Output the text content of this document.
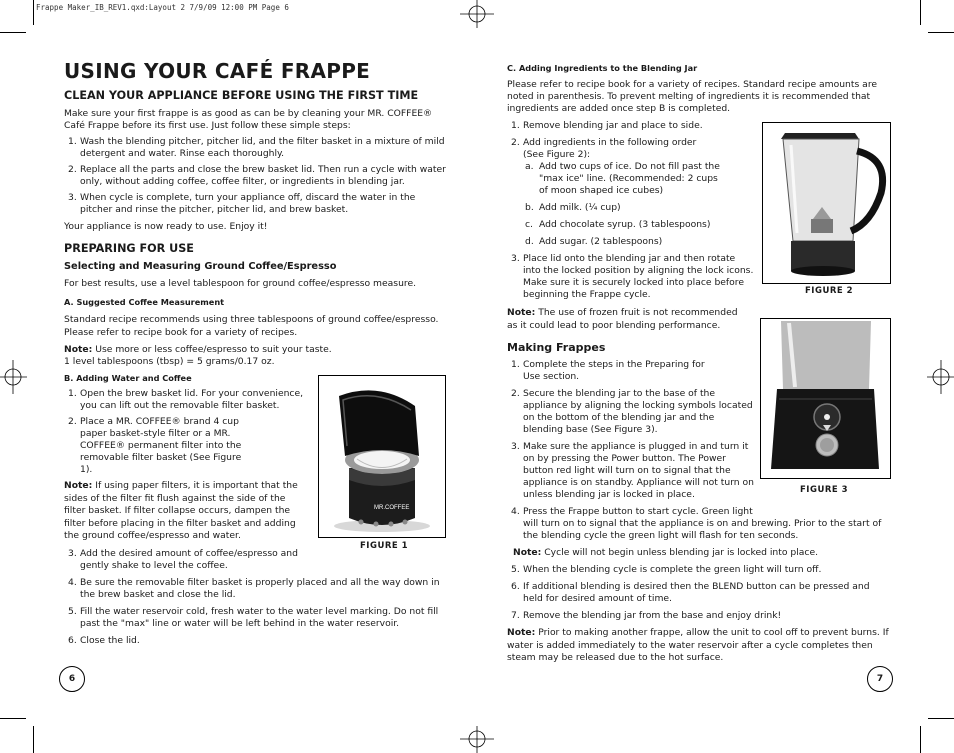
Frappe Maker_IB_REV1.qxd:Layout 2 7/9/09 12:00 PM Page 6
USING YOUR CAFÉ FRAPPE
CLEAN YOUR APPLIANCE BEFORE USING THE FIRST TIME

Make sure your first frappe is as good as can be by cleaning your MR. COFFEE® Café Frappe before its first use. Just follow these simple steps:

1. Wash the blending pitcher, pitcher lid, and the filter basket in a mixture of mild detergent and water. Rinse each thoroughly.
2. Replace all the parts and close the brew basket lid. Then run a cycle with water only, without adding coffee, coffee filter, or ingredients in blending jar.
3. When cycle is complete, turn your appliance off, discard the water in the pitcher and rinse the pitcher, pitcher lid, and brew basket.

Your appliance is now ready to use. Enjoy it!

PREPARING FOR USE
Selecting and Measuring Ground Coffee/Espresso

For best results, use a level tablespoon for ground coffee/espresso measure.

A. Suggested Coffee Measurement

Standard recipe recommends using three tablespoons of ground coffee/espresso. Please refer to recipe book for a variety of recipes.

Note: Use more or less coffee/espresso to suit your taste.

1 level tablespoons (tbsp) = 5 grams/0.17 oz.

B. Adding Water and Coffee

1. Open the brew basket lid. For your convenience, you can lift out the removable filter basket.
2. Place a MR. COFFEE® brand 4 cup paper basket-style filter or a MR. COFFEE® permanent filter into the removable filter basket (See Figure 1).

Note: If using paper filters, it is important that the sides of the filter fit flush against the side of the filter basket. If filter collapse occurs, dampen the filter before placing in the filter basket and adding the ground coffee/espresso and water.

3. Add the desired amount of coffee/espresso and gently shake to level the coffee.
4. Be sure the removable filter basket is properly placed and all the way down in the brew basket and close the lid.
5. Fill the water reservoir cold, fresh water to the water level marking. Do not fill past the "max" line or water will be left behind in the water reservoir.
6. Close the lid.
MR.COFFEE
FIGURE 1
6

C. Adding Ingredients to the Blending Jar

Please refer to recipe book for a variety of recipes. Standard recipe amounts are noted in parenthesis. To prevent melting of ingredients it is recommended that ingredients are added once step B is completed.

1. Remove blending jar and place to side.
2. Add ingredients in the following order
(See Figure 2):
a. Add two cups of ice. Do not fill past the "max ice" line. (Recommended: 2 cups of moon shaped ice cubes)
b. Add milk. (¼ cup)
c. Add chocolate syrup. (3 tablespoons)
d. Add sugar. (2 tablespoons)
3. Place lid onto the blending jar and then rotate into the locked position by aligning the lock icons. Make sure it is securely locked into place before beginning the Frappe cycle.

Note: The use of frozen fruit is not recommended as it could lead to poor blending performance.

Making Frappes
1. Complete the steps in the Preparing for Use section.
2. Secure the blending jar to the base of the appliance by aligning the locking symbols located on the bottom of the blending jar and the blending base (See Figure 3).
3. Make sure the appliance is plugged in and turn it on by pressing the Power button. The Power button red light will turn on to signal that the appliance is on standby. Appliance will not turn on unless blending jar is locked in place.
4. Press the Frappe button to start cycle. Green light
will turn on to signal that the appliance is on and brewing. Prior to the start of the blending cycle the green light will flash for ten seconds.

Note: Cycle will not begin unless blending jar is locked into place.

5. When the blending cycle is complete the green light will turn off.
6. If additional blending is desired then the BLEND button can be pressed and held for desired amount of time.
7. Remove the blending jar from the base and enjoy drink!

Note: Prior to making another frappe, allow the unit to cool off to prevent burns. If water is added immediately to the water reservoir after a cycle completes then steam may be released due to the hot surface.

FIGURE 2
FIGURE 3
7
